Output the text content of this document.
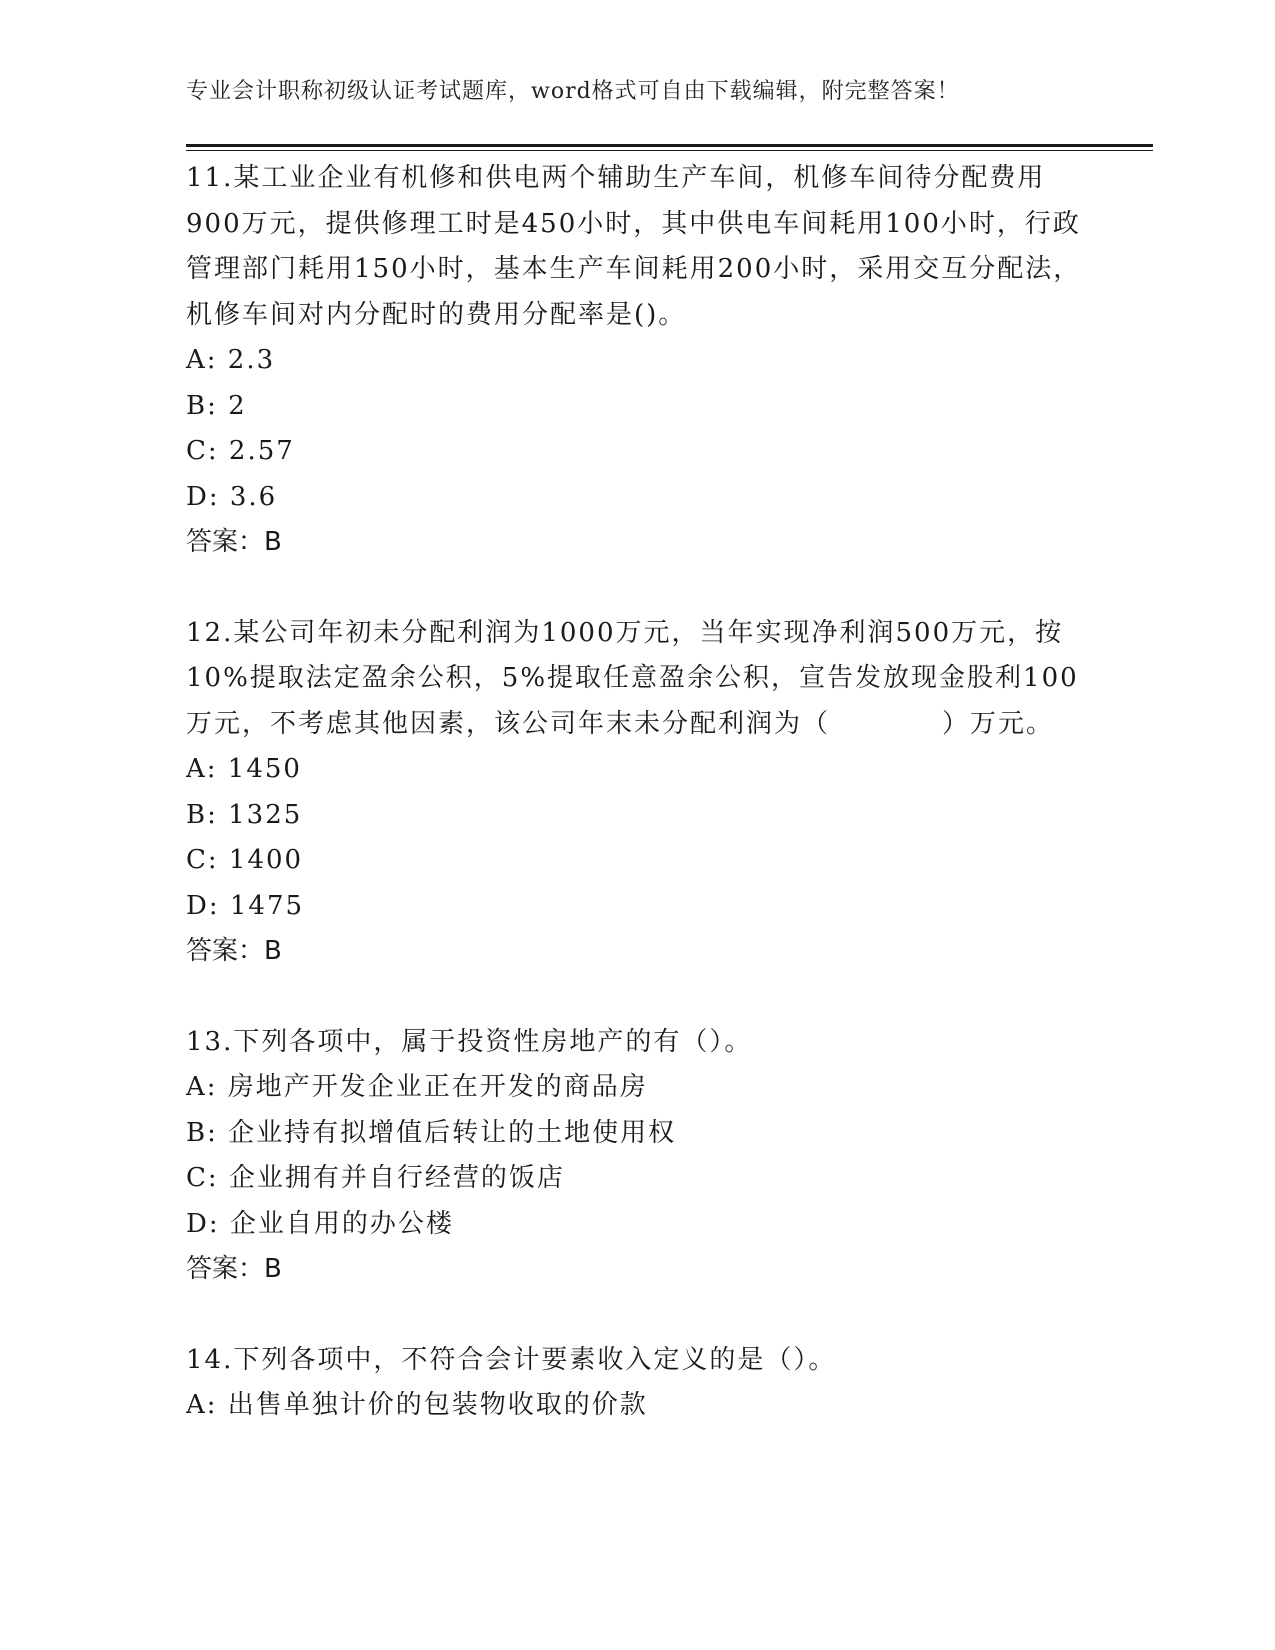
专业会计职称初级认证考试题库，word格式可自由下载编辑，附完整答案！

11.某工业企业有机修和供电两个辅助生产车间，机修车间待分配费用900万元，提供修理工时是450小时，其中供电车间耗用100小时，行政管理部门耗用150小时，基本生产车间耗用200小时，采用交互分配法，机修车间对内分配时的费用分配率是()。

A: 2.3

B: 2

C: 2.57

D: 3.6

答案：B

12.某公司年初未分配利润为1000万元，当年实现净利润500万元，按10%提取法定盈余公积，5%提取任意盈余公积，宣告发放现金股利100万元，不考虑其他因素，该公司年末未分配利润为（　　　　）万元。

A: 1450

B: 1325

C: 1400

D: 1475

答案：B

13.下列各项中，属于投资性房地产的有（）。

A: 房地产开发企业正在开发的商品房

B: 企业持有拟增值后转让的土地使用权

C: 企业拥有并自行经营的饭店

D: 企业自用的办公楼

答案：B

14.下列各项中，不符合会计要素收入定义的是（）。

A: 出售单独计价的包装物收取的价款
